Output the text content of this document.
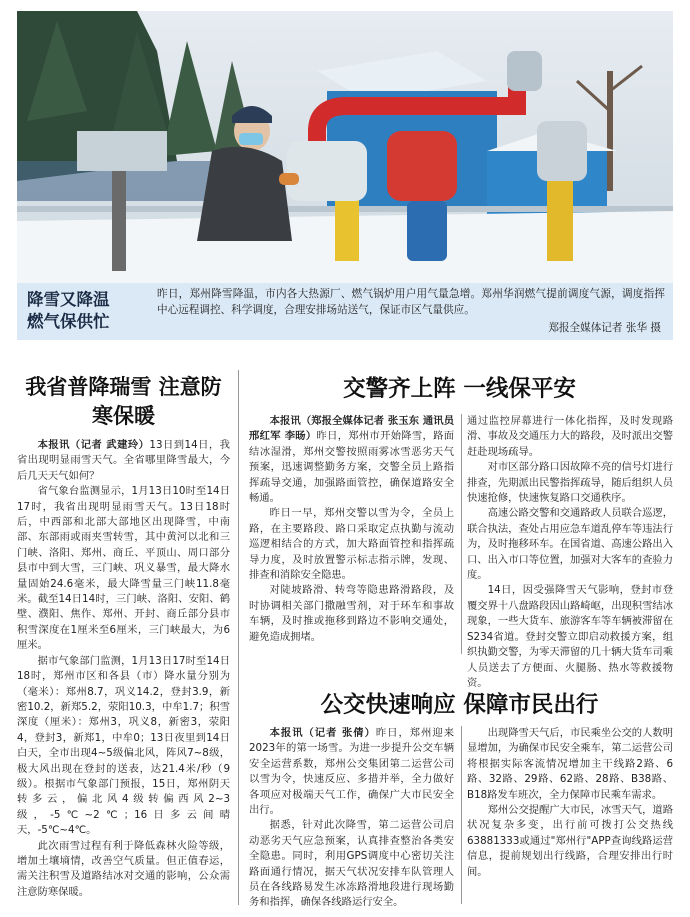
降雪又降温
燃气保供忙
昨日，郑州降雪降温，市内各大热源厂、燃气锅炉用户用气量急增。郑州华润燃气提前调度气源，调度指挥中心远程调控、科学调度，合理安排场站送气，保证市区气量供应。
郑报全媒体记者 张华 摄
我省普降瑞雪 注意防寒保暖

本报讯（记者 武建玲）13日到14日，我省出现明显雨雪天气。全省哪里降雪最大，今后几天天气如何？

省气象台监测显示，1月13日10时至14日17时，我省出现明显雨雪天气。13日18时后，中西部和北部大部地区出现降雪，中南部、东部雨或雨夹雪转雪，其中黄河以北和三门峡、洛阳、郑州、商丘、平顶山、周口部分县市中到大雪，三门峡、巩义暴雪，最大降水量固始24.6毫米，最大降雪量三门峡11.8毫米。截至14日14时，三门峡、洛阳、安阳、鹤壁、濮阳、焦作、郑州、开封、商丘部分县市积雪深度在1厘米至6厘米，三门峡最大，为6厘米。

据市气象部门监测，1月13日17时至14日18时，郑州市区和各县（市）降水量分别为（毫米）：郑州8.7，巩义14.2，登封3.9，新密10.2，新郑5.2，荥阳10.3，中牟1.7；积雪深度（厘米）：郑州3，巩义8，新密3，荥阳4，登封3，新郑1，中牟0；13日夜里到14日白天，全市出现4~5级偏北风，阵风7~8级，极大风出现在登封的送表，达21.4米/秒（9级）。根据市气象部门预报，15日，郑州阴天转多云，偏北风4级转偏西风2~3级，-5℃~2℃；16日多云间晴天，-5℃~4℃。

此次雨雪过程有利于降低森林火险等级，增加土壤墒情，改善空气质量。但正值春运，需关注积雪及道路结冰对交通的影响，公众需注意防寒保暖。

交警齐上阵 一线保平安

本报讯（郑报全媒体记者 张玉东 通讯员 邢红军 李旸）昨日，郑州市开始降雪，路面结冰湿滑，郑州交警按照雨雾冰雪恶劣天气预案，迅速调整勤务方案，交警全员上路指挥疏导交通，加强路面管控，确保道路安全畅通。

昨日一早，郑州交警以雪为令，全员上路，在主要路段、路口采取定点执勤与流动巡逻相结合的方式，加大路面管控和指挥疏导力度，及时放置警示标志指示牌，发现、排查和消除安全隐患。

对陡坡路滑、转弯等隐患路滑路段，及时协调相关部门撒融雪剂，对于环车和事故车辆，及时推或拖移到路边不影响交通处，避免造成拥堵。

通过监控屏幕进行一体化指挥，及时发现路滑、事故及交通压力大的路段，及时派出交警赶赴现场疏导。

对市区部分路口因故障不亮的信号灯进行排查，先期派出民警指挥疏导，随后组织人员快速抢修，快速恢复路口交通秩序。

高速公路交警和交通路政人员联合巡逻，联合执法，查处占用应急车道乱停车等违法行为，及时拖移环车。在国省道、高速公路出入口、出入市口等位置，加强对大客车的查验力度。

14日，因受强降雪天气影响，登封市登覆交界十八盘路段因山路崎岖，出现积雪结冰现象，一些大货车、旅游客车等车辆被滞留在S234省道。登封交警立即启动救援方案，组织执勤交警，为零天滞留的几十辆大货车司乘人员送去了方便面、火腿肠、热水等救援物资。

公交快速响应 保障市民出行

本报讯（记者 张倩）昨日，郑州迎来2023年的第一场雪。为进一步提升公交车辆安全运营系数，郑州公交集团第二运营公司以雪为令，快速反应、多措并举，全力做好各项应对极端天气工作，确保广大市民安全出行。

据悉，针对此次降雪，第二运营公司启动恶劣天气应急预案，认真排查整治各类安全隐患。同时，利用GPS调度中心密切关注路面通行情况，据天气状况安排车队管理人员在各线路易发生冰冻路滑地段进行现场勤务和指挥，确保各线路运行安全。

出现降雪天气后，市民乘坐公交的人数明显增加，为确保市民安全乘车，第二运营公司将根据实际客流情况增加主干线路2路、6路、32路、29路、62路、28路、B38路、B18路发车班次，全力保障市民乘车需求。

郑州公交提醒广大市民，冰雪天气，道路状况复杂多变，出行前可拨打公交热线63881333或通过"郑州行"APP查询线路运营信息，提前规划出行线路，合理安排出行时间。
